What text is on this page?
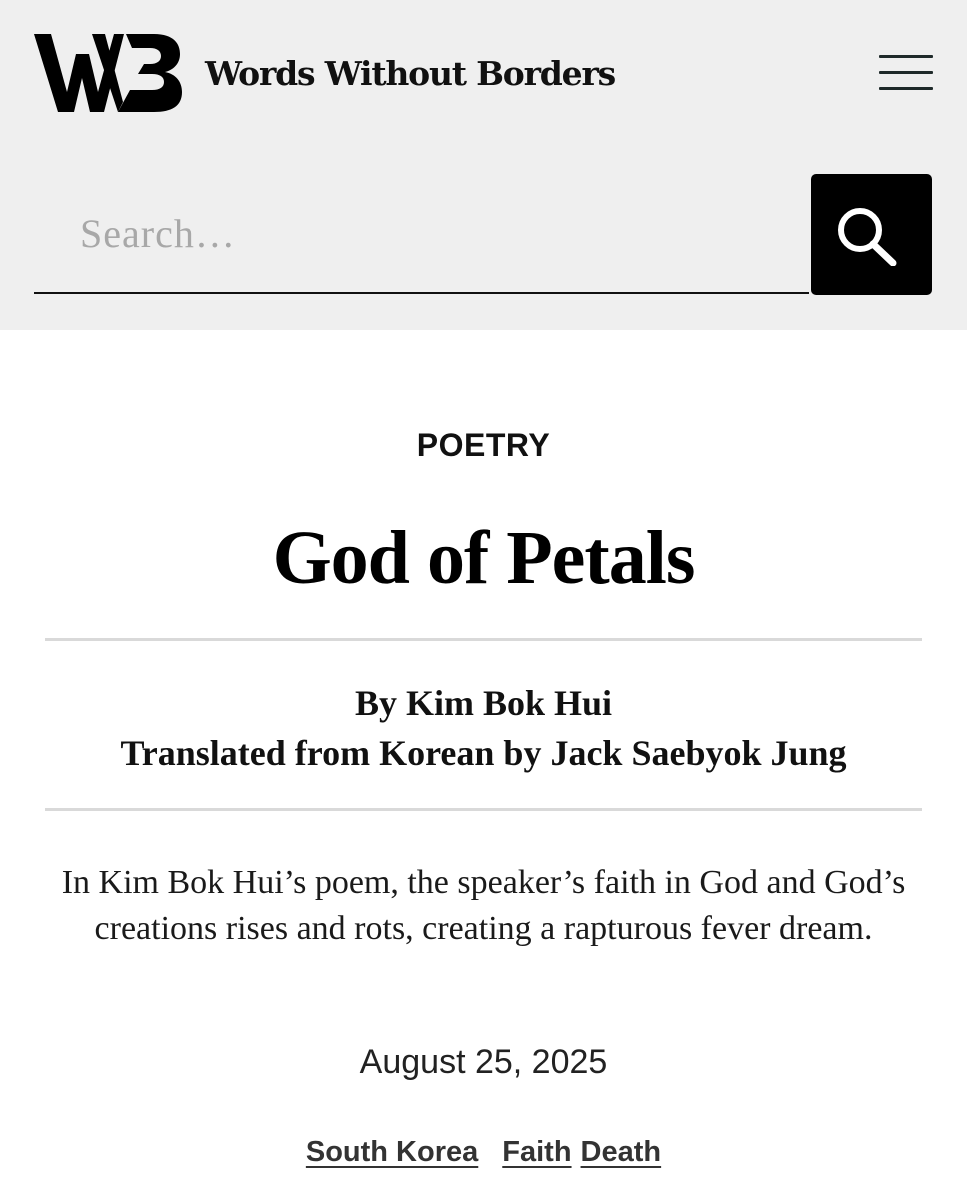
Words Without Borders
Search…
POETRY
God of Petals
By Kim Bok Hui
Translated from Korean by Jack Saebyok Jung
In Kim Bok Hui’s poem, the speaker’s faith in God and God’s creations rises and rots, creating a rapturous fever dream.
August 25, 2025
South Korea Faith Death
